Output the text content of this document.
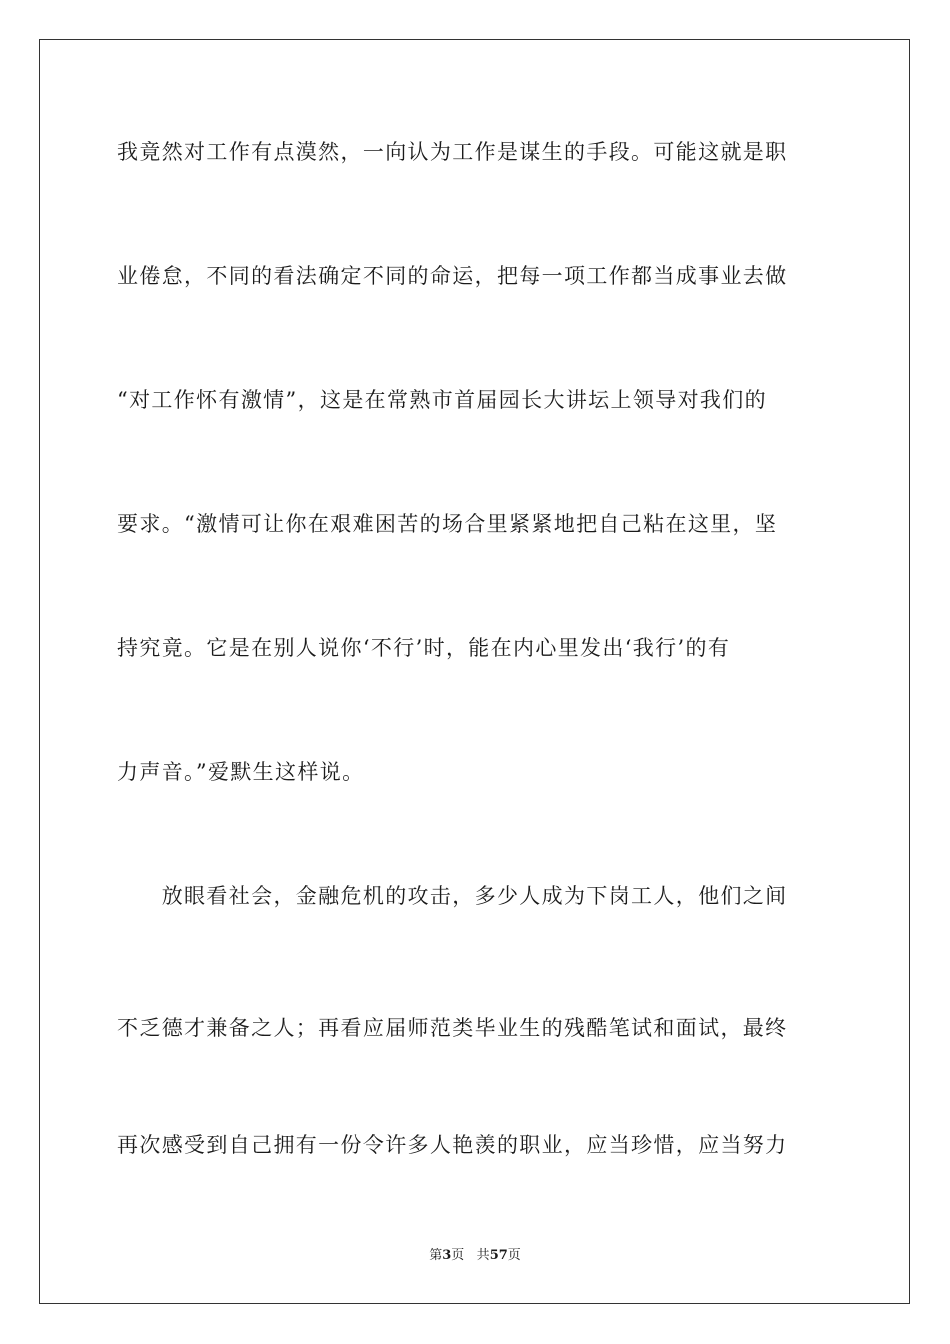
我竟然对工作有点漠然，一向认为工作是谋生的手段。可能这就是职
业倦怠，不同的看法确定不同的命运，把每一项工作都当成事业去做
“对工作怀有激情”，这是在常熟市首届园长大讲坛上领导对我们的
要求。“激情可让你在艰难困苦的场合里紧紧地把自己粘在这里，坚
持究竟。它是在别人说你‘不行’时，能在内心里发出‘我行’的有
力声音。”爱默生这样说。
　　放眼看社会，金融危机的攻击，多少人成为下岗工人，他们之间
不乏德才兼备之人；再看应届师范类毕业生的残酷笔试和面试，最终
再次感受到自己拥有一份令许多人艳羡的职业，应当珍惜，应当努力
第3页 共57页
